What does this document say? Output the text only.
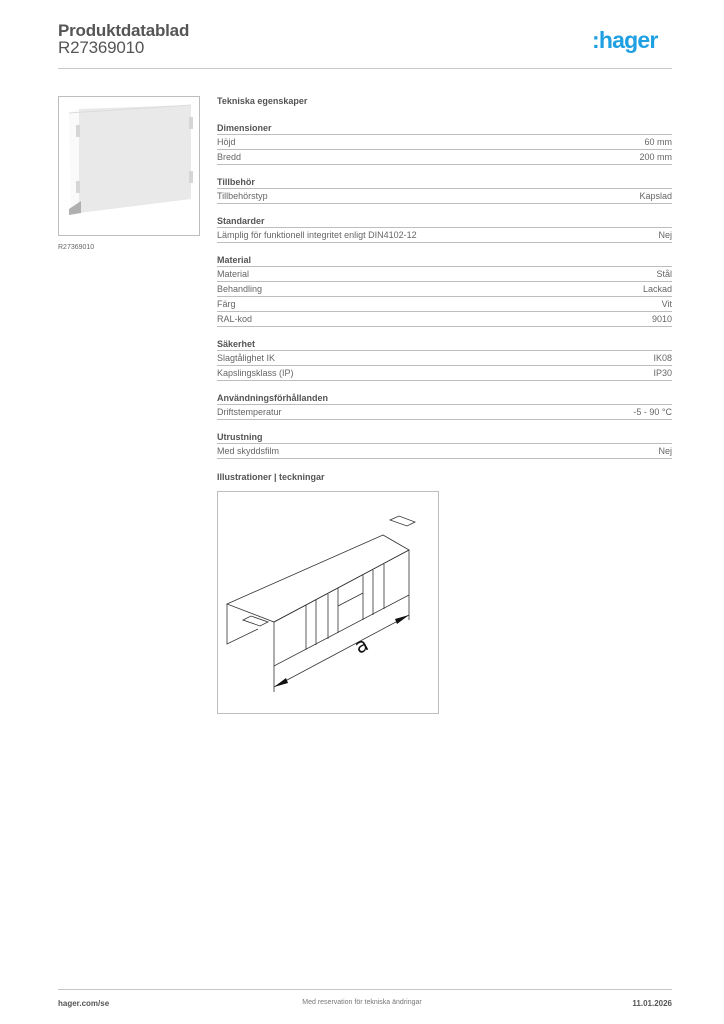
Produktdatablad
R27369010	:hager
R27369010
Tekniska egenskaper
Dimensioner
Höjd	60 mm
Bredd	200 mm
Tillbehör
Tillbehörstyp	Kapslad
Standarder
Lämplig för funktionell integritet enligt DIN4102-12	Nej
Material
Material	Stål
Behandling	Lackad
Färg	Vit
RAL-kod	9010
Säkerhet
Slagtålighet IK	IK08
Kapslingsklass (IP)	IP30
Användningsförhållanden
Driftstemperatur	-5 - 90 °C
Utrustning
Med skyddsfilm	Nej
Illustrationer | teckningar
a
hager.com/se	Med reservation för tekniska ändringar	11.01.2026
